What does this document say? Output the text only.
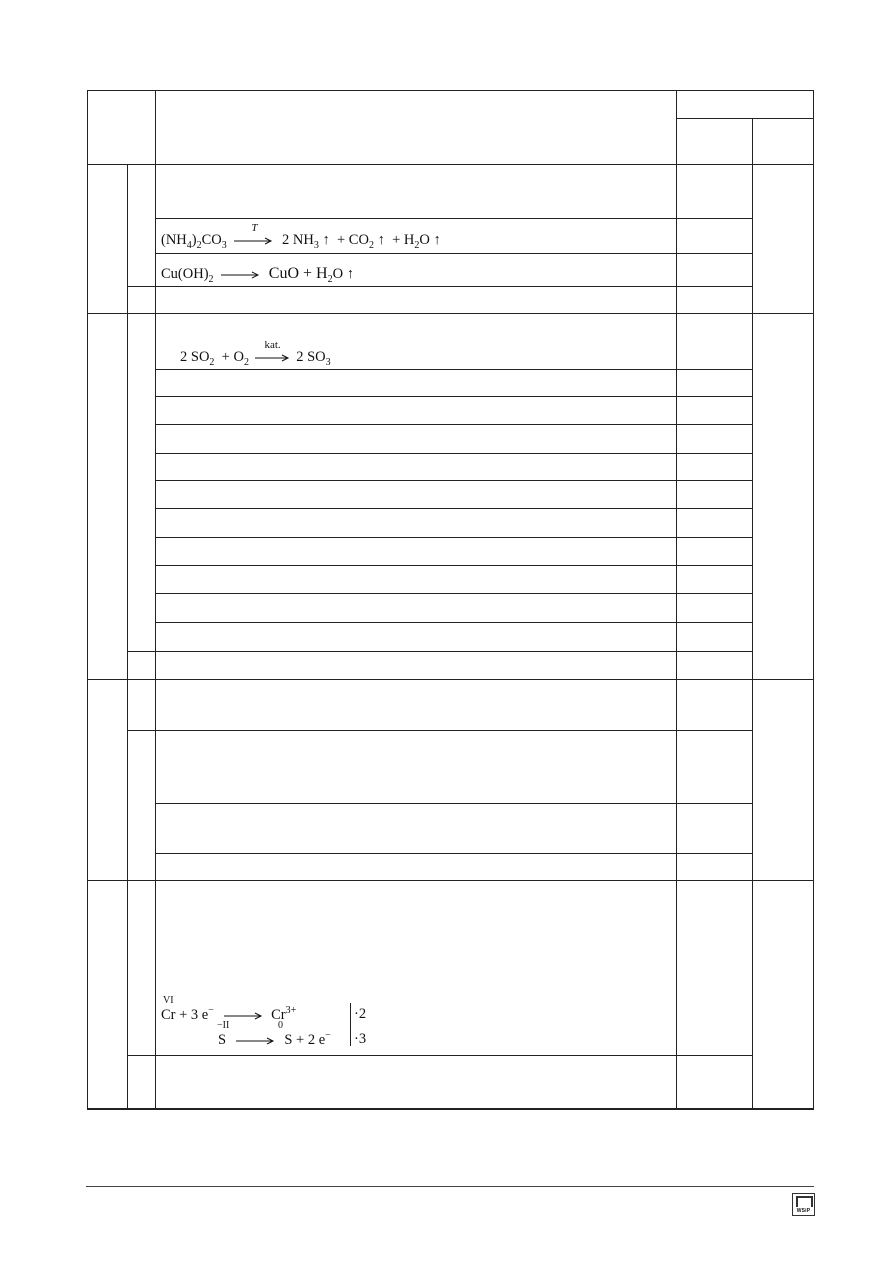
$(NH_4)_2CO_3$
T
2 $NH_3$ ↑ + $CO_2$ ↑ + $H_2O$ ↑
$Cu(OH)_2$ → CuO + $H_2O$ ↑
2 $SO_2 + O_2$
kat.
2 $SO_3$
VI
Cr + 3 $e^- \to Cr^{3+}$
−II	0
S → S + 2 e−
·2
·3
WSiP
